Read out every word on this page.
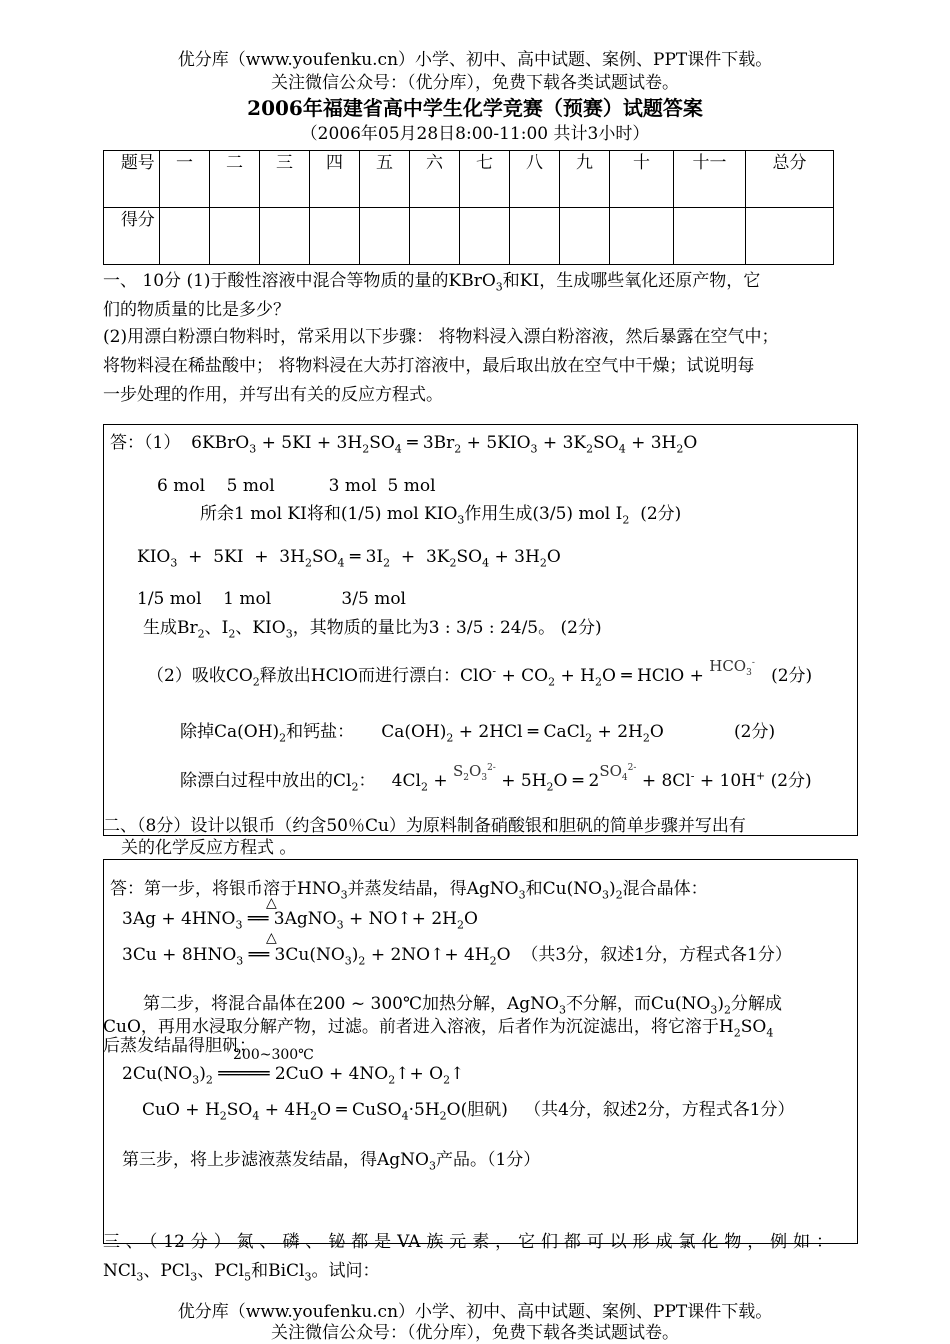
优分库（www.youfenku.cn）小学、初中、高中试题、案例、PPT课件下载。
关注微信公众号：（优分库），免费下载各类试题试卷。
2006年福建省高中学生化学竞赛（预赛）试题答案
（2006年05月28日8:00-11:00 共计3小时）
题号	一	二	三	四	五	六	七	八	九	十	十一	总分
得分												
一、 10分 (1)于酸性溶液中混合等物质的量的KBrO$_3$和KI，生成哪些氧化还原产物，它
们的物质量的比是多少？
(2)用漂白粉漂白物料时，常采用以下步骤： 将物料浸入漂白粉溶液，然后暴露在空气中；
将物料浸在稀盐酸中； 将物料浸在大苏打溶液中，最后取出放在空气中干燥；试说明每
一步处理的作用，并写出有关的反应方程式。
答：（1）  6KBrO$_3$ + $5KI + 3H_2SO_4$ ═ $3Br_2 + 5KIO_3 + 3K_2SO_4 + 3H_2O$
6 mol    5 mol          3 mol  5 mol
所余1 mol KI将和(1/5) mol $KIO_3$作用生成(3/5) mol $I_2$ (2分)
$KIO_3 + 5KI + 3H_2SO_4$ ═ $3I_2 + 3K_2SO_4 + 3H_2O$
1/5 mol    1 mol             3/5 mol
生成$Br_2$、$I_2$、$KIO_3$，其物质的量比为3 : 3/5 : 24/5。 (2分)
（2）吸收$CO_2$释放出HClO而进行漂白：$ClO^- + CO_2 + H_2O$ ═ HClO + $HCO_3^-$   (2分)
除掉$Ca(OH)_2$和钙盐：     $Ca(OH)_2 + 2HCl$ ═ CaCl$_2$ + $2H_2O$             (2分)
除漂白过程中放出的$Cl_2$：   $4Cl_2 + S_2O_3^{2-} + 5H_2O$ ═ $2SO_4^{2-} + 8Cl^- + 10H^+$ (2分)
二、（8分）设计以银币（约含50％Cu）为原料制备硝酸银和胆矾的简单步骤并写出有
关的化学反应方程式 。
答：第一步，将银币溶于$HNO_3$并蒸发结晶，得AgNO$_3$和$Cu(NO_3)_2$混合晶体：
△
$3Ag + 4HNO_3$ ══ 3AgNO$_3$ + NO↑+ $2H_2O$
△
$3Cu + 8HNO_3$ ══ $3Cu(NO_3)_2$ + 2NO↑+ $4H_2O$  （共3分，叙述1分，方程式各1分）
第二步，将混合晶体在200 ~ 300℃加热分解，AgNO$_3$不分解，而$Cu(NO_3)_2$分解成
CuO，再用水浸取分解产物，过滤。前者进入溶液，后者作为沉淀滤出，将它溶于$H_2SO_4$
后蒸发结晶得胆矾：
200~300℃
$2Cu(NO_3)_2$ ═════ $2CuO + 4NO_2↑+$ $O_2↑$
CuO + $H_2SO_4 + 4H_2O$ ═ $CuSO_4\cdot 5H_2O$(胆矾)   （共4分，叙述2分，方程式各1分）
第三步，将上步滤液蒸发结晶，得AgNO$_3$产品。（1分）
三、（12分）氮、磷、铋都是VA族元素，它们都可以形成氯化物，例如：
NCl$_3$、PCl$_3$、PCl$_5$和BiCl$_3$。试问：
优分库（www.youfenku.cn）小学、初中、高中试题、案例、PPT课件下载。
关注微信公众号：（优分库），免费下载各类试题试卷。
